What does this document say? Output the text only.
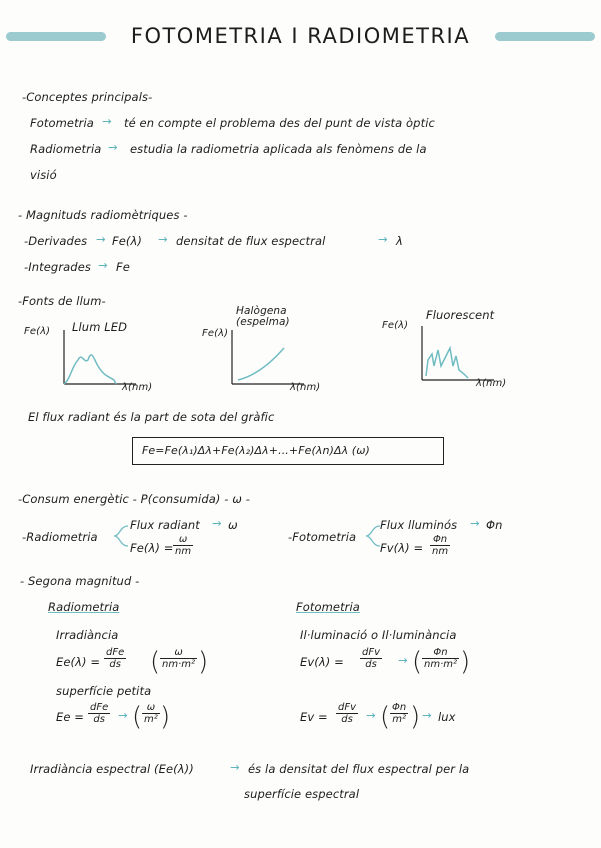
FOTOMETRIA I RADIOMETRIA
-Conceptes principals-
Fotometria → té en compte el problema des del punt de vista òptic
Radiometria → estudia la radiometria aplicada als fenòmens de la
visió
- Magnituds radiomètriques -
-Derivades → Fe(λ) → densitat de flux espectral	→ λ
-Integrades → Fe
-Fonts de llum-
Llum LED
Fe(λ)
λ(nm)
Halògena (espelma)
Fe(λ)
λ(nm)
Fluorescent
Fe(λ)
λ(nm)
El flux radiant és la part de sota del gràfic
Fe=Fe(λ₁)Δλ+Fe(λ₂)Δλ+...+Fe(λn)Δλ (ω)
-Consum energètic - P(consumida) - ω -
-Radiometria
Flux radiant → ω
$Fe(\lambda) = \frac{\omega}{nm}$	-Fotometria
Flux lluminós → Φn
$Fv(\lambda) = \frac{\Phi n}{nm}$
- Segona magnitud -
Radiometria
Irradiància
Ee(λ) =
dFe
ds ( $\frac{\omega}{\text{nm·m²}}$ )
superfície petita
Ee =
dFe
ds	→ ( $\frac{\omega}{\text{m²}}$ )
Fotometria
Il·luminació o Il·luminància
Ev(λ) =
dFv
ds	→ ( $\frac{\Phi n}{\text{nm·m²}}$ )
Ev =
dFv
ds	→ ( $\frac{\Phi n}{\text{m²}}$ ) → lux
Irradiància espectral (Ee(λ))	→ és la densitat del flux espectral per la
superfície espectral
